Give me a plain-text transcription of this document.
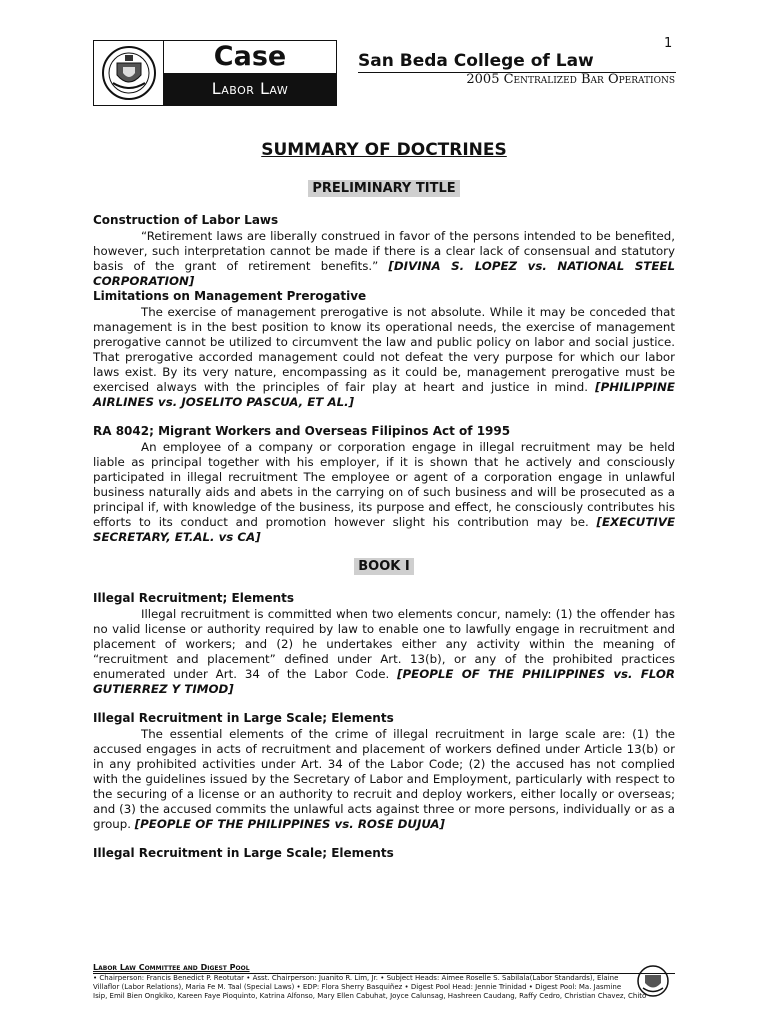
1
Case
Labor Law
San Beda College of Law
2005 Centralized Bar Operations
SUMMARY OF DOCTRINES
PRELIMINARY TITLE
Construction of Labor Laws

“Retirement laws are liberally construed in favor of the persons intended to be benefited, however, such interpretation cannot be made if there is a clear lack of consensual and statutory basis of the grant of retirement benefits.” [DIVINA S. LOPEZ vs. NATIONAL STEEL CORPORATION]

Limitations on Management Prerogative

The exercise of management prerogative is not absolute. While it may be conceded that management is in the best position to know its operational needs, the exercise of management prerogative cannot be utilized to circumvent the law and public policy on labor and social justice. That prerogative accorded management could not defeat the very purpose for which our labor laws exist. By its very nature, encompassing as it could be, management prerogative must be exercised always with the principles of fair play at heart and justice in mind. [PHILIPPINE AIRLINES vs. JOSELITO PASCUA, ET AL.]

RA 8042; Migrant Workers and Overseas Filipinos Act of 1995

An employee of a company or corporation engage in illegal recruitment may be held liable as principal together with his employer, if it is shown that he actively and consciously participated in illegal recruitment The employee or agent of a corporation engage in unlawful business naturally aids and abets in the carrying on of such business and will be prosecuted as a principal if, with knowledge of the business, its purpose and effect, he consciously contributes his efforts to its conduct and promotion however slight his contribution may be. [EXECUTIVE SECRETARY, ET.AL. vs CA]

BOOK I
Illegal Recruitment; Elements

Illegal recruitment is committed when two elements concur, namely: (1) the offender has no valid license or authority required by law to enable one to lawfully engage in recruitment and placement of workers; and (2) he undertakes either any activity within the meaning of “recruitment and placement” defined under Art. 13(b), or any of the prohibited practices enumerated under Art. 34 of the Labor Code. [PEOPLE OF THE PHILIPPINES vs. FLOR GUTIERREZ Y TIMOD]

Illegal Recruitment in Large Scale; Elements

The essential elements of the crime of illegal recruitment in large scale are: (1) the accused engages in acts of recruitment and placement of workers defined under Article 13(b) or in any prohibited activities under Art. 34 of the Labor Code; (2) the accused has not complied with the guidelines issued by the Secretary of Labor and Employment, particularly with respect to the securing of a license or an authority to recruit and deploy workers, either locally or overseas; and (3) the accused commits the unlawful acts against three or more persons, individually or as a group. [PEOPLE OF THE PHILIPPINES vs. ROSE DUJUA]

Illegal Recruitment in Large Scale; Elements
Labor Law Committee and Digest Pool
• Chairperson: Francis Benedict P. Reotutar • Asst. Chairperson: Juanito R. Lim, Jr. • Subject Heads: Aimee Roselle S. Sabilala(Labor Standards), Elaine Villaflor (Labor Relations), Maria Fe M. Taal (Special Laws) • EDP: Flora Sherry Basquiñez • Digest Pool Head: Jennie Trinidad • Digest Pool: Ma. Jasmine
Isip, Emil Bien Ongkiko, Kareen Faye Pioquinto, Katrina Alfonso, Mary Ellen Cabuhat, Joyce Calunsag, Hashreen Caudang, Raffy Cedro, Christian Chavez, Chito
